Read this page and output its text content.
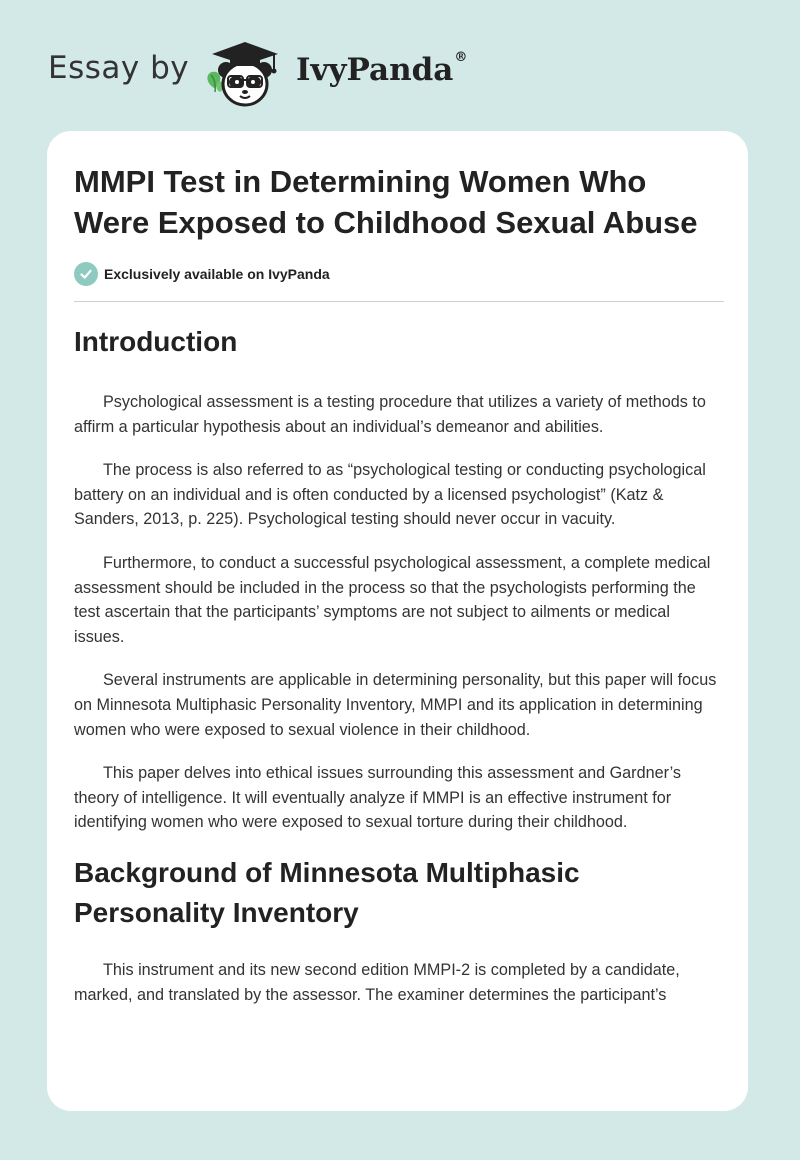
Essay by	IvyPanda®
MMPI Test in Determining Women Who Were Exposed to Childhood Sexual Abuse
Exclusively available on IvyPanda
Introduction

Psychological assessment is a testing procedure that utilizes a variety of methods to affirm a particular hypothesis about an individual’s demeanor and abilities.

The process is also referred to as “psychological testing or conducting psychological battery on an individual and is often conducted by a licensed psychologist” (Katz & Sanders, 2013, p. 225). Psychological testing should never occur in vacuity.

Furthermore, to conduct a successful psychological assessment, a complete medical assessment should be included in the process so that the psychologists performing the test ascertain that the participants’ symptoms are not subject to ailments or medical issues.

Several instruments are applicable in determining personality, but this paper will focus on Minnesota Multiphasic Personality Inventory, MMPI and its application in determining women who were exposed to sexual violence in their childhood.

This paper delves into ethical issues surrounding this assessment and Gardner’s theory of intelligence. It will eventually analyze if MMPI is an effective instrument for identifying women who were exposed to sexual torture during their childhood.

Background of Minnesota Multiphasic Personality Inventory

This instrument and its new second edition MMPI-2 is completed by a candidate, marked, and translated by the assessor. The examiner determines the participant’s
